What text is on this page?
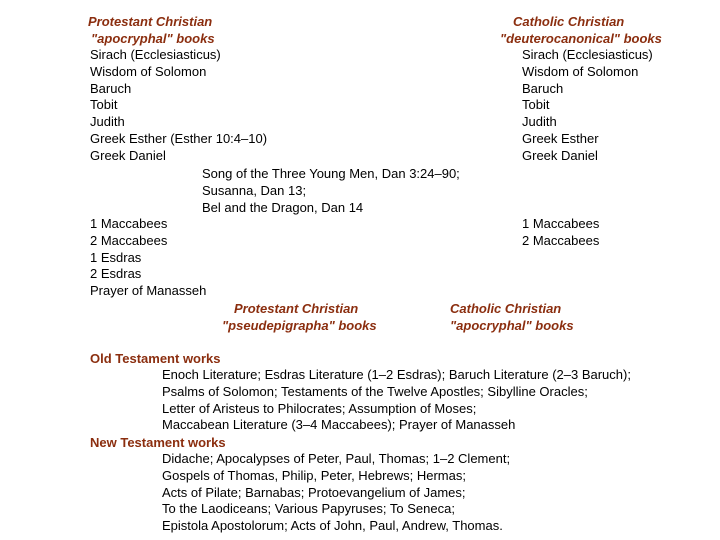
Protestant Christian
"apocryphal" books
Catholic Christian
"deuterocanonical" books
Sirach (Ecclesiasticus)
Wisdom of Solomon
Baruch
Tobit
Judith
Greek Esther (Esther 10:4–10)
Greek Daniel
Sirach (Ecclesiasticus)
Wisdom of Solomon
Baruch
Tobit
Judith
Greek Esther
Greek Daniel
Song of the Three Young Men, Dan 3:24–90;
Susanna, Dan 13;
Bel and the Dragon, Dan 14
1 Maccabees
2 Maccabees
1 Esdras
2 Esdras
Prayer of Manasseh
1 Maccabees
2 Maccabees
Protestant Christian
"pseudepigrapha" books
Catholic Christian
"apocryphal" books
Old Testament works
Enoch Literature; Esdras Literature (1–2 Esdras); Baruch Literature (2–3 Baruch);
Psalms of Solomon; Testaments of the Twelve Apostles; Sibylline Oracles;
Letter of Aristeus to Philocrates; Assumption of Moses;
Maccabean Literature (3–4 Maccabees); Prayer of Manasseh
New Testament works
Didache; Apocalypses of Peter, Paul, Thomas; 1–2 Clement;
Gospels of Thomas, Philip, Peter, Hebrews; Hermas;
Acts of Pilate; Barnabas; Protoevangelium of James;
To the Laodiceans; Various Papyruses; To Seneca;
Epistola Apostolorum; Acts of John, Paul, Andrew, Thomas.
